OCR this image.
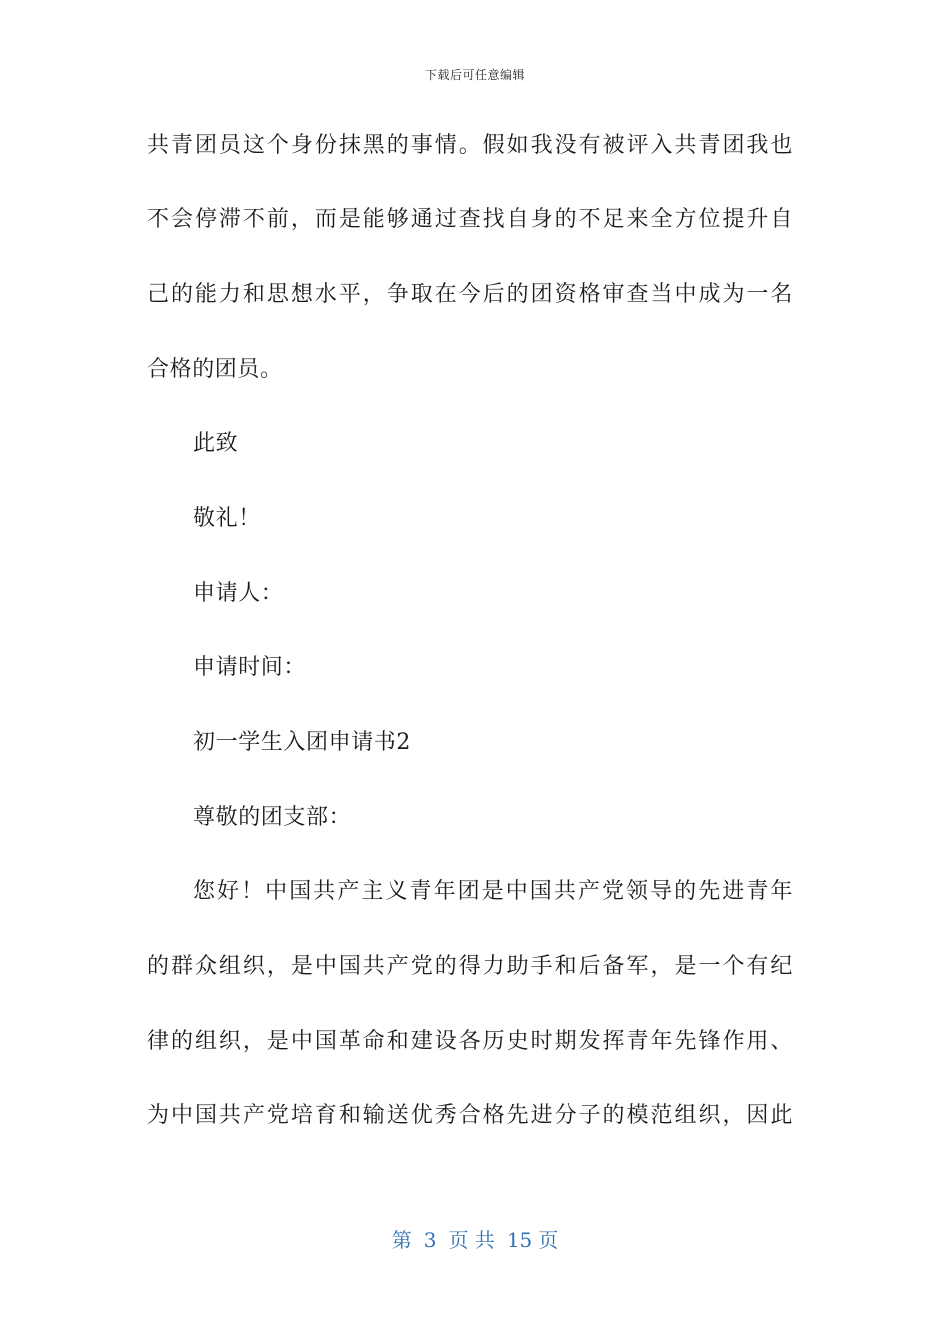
下载后可任意编辑
共青团员这个身份抹黑的事情。假如我没有被评入共青团我也
不会停滞不前，而是能够通过查找自身的不足来全方位提升自
己的能力和思想水平，争取在今后的团资格审查当中成为一名
合格的团员。
此致
敬礼！
申请人：
申请时间：
初一学生入团申请书2
尊敬的团支部：
您好！中国共产主义青年团是中国共产党领导的先进青年
的群众组织，是中国共产党的得力助手和后备军，是一个有纪
律的组织，是中国革命和建设各历史时期发挥青年先锋作用、
为中国共产党培育和输送优秀合格先进分子的模范组织，因此
第 3 页 共 15 页
